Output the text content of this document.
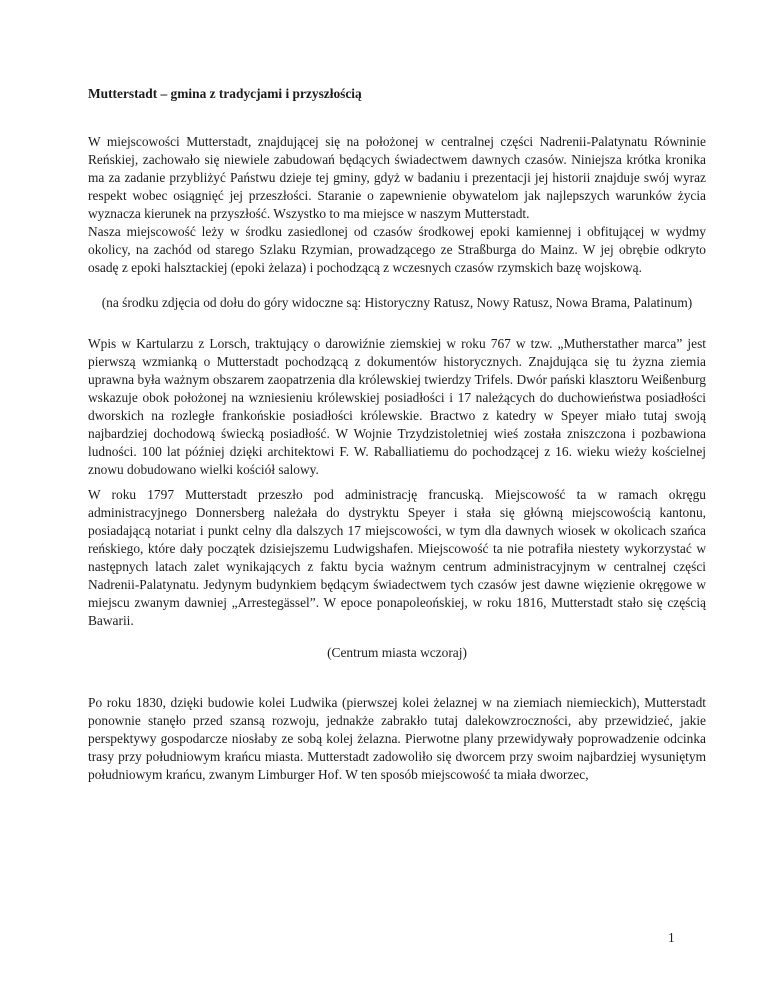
Mutterstadt – gmina z tradycjami i przyszłością

W miejscowości Mutterstadt, znajdującej się na położonej w centralnej części Nadrenii-Palatynatu Równinie Reńskiej, zachowało się niewiele zabudowań będących świadectwem dawnych czasów. Niniejsza krótka kronika ma za zadanie przybliżyć Państwu dzieje tej gminy, gdyż w badaniu i prezentacji jej historii znajduje swój wyraz respekt wobec osiągnięć jej przeszłości. Staranie o zapewnienie obywatelom jak najlepszych warunków życia wyznacza kierunek na przyszłość. Wszystko to ma miejsce w naszym Mutterstadt.

Nasza miejscowość leży w środku zasiedlonej od czasów środkowej epoki kamiennej i obfitującej w wydmy okolicy, na zachód od starego Szlaku Rzymian, prowadzącego ze Straßburga do Mainz. W jej obrębie odkryto osadę z epoki halsztackiej (epoki żelaza) i pochodzącą z wczesnych czasów rzymskich bazę wojskową.

(na środku zdjęcia od dołu do góry widoczne są: Historyczny Ratusz, Nowy Ratusz, Nowa Brama, Palatinum)

Wpis w Kartularzu z Lorsch, traktujący o darowiźnie ziemskiej w roku 767 w tzw. „Mutherstather marca” jest pierwszą wzmianką o Mutterstadt pochodzącą z dokumentów historycznych. Znajdująca się tu żyzna ziemia uprawna była ważnym obszarem zaopatrzenia dla królewskiej twierdzy Trifels. Dwór pański klasztoru Weißenburg wskazuje obok położonej na wzniesieniu królewskiej posiadłości i 17 należących do duchowieństwa posiadłości dworskich na rozległe frankońskie posiadłości królewskie. Bractwo z katedry w Speyer miało tutaj swoją najbardziej dochodową świecką posiadłość. W Wojnie Trzydzistoletniej wieś została zniszczona i pozbawiona ludności. 100 lat później dzięki architektowi F. W. Raballiatiemu do pochodzącej z 16. wieku wieży kościelnej znowu dobudowano wielki kościół salowy.

W roku 1797 Mutterstadt przeszło pod administrację francuską. Miejscowość ta w ramach okręgu administracyjnego Donnersberg należała do dystryktu Speyer i stała się główną miejscowością kantonu, posiadającą notariat i punkt celny dla dalszych 17 miejscowości, w tym dla dawnych wiosek w okolicach szańca reńskiego, które dały początek dzisiejszemu Ludwigshafen. Miejscowość ta nie potrafiła niestety wykorzystać w następnych latach zalet wynikających z faktu bycia ważnym centrum administracyjnym w centralnej części Nadrenii-Palatynatu. Jedynym budynkiem będącym świadectwem tych czasów jest dawne więzienie okręgowe w miejscu zwanym dawniej „Arrestegässel”. W epoce ponapoleońskiej, w roku 1816, Mutterstadt stało się częścią Bawarii.

(Centrum miasta wczoraj)

Po roku 1830, dzięki budowie kolei Ludwika (pierwszej kolei żelaznej w na ziemiach niemieckich), Mutterstadt ponownie stanęło przed szansą rozwoju, jednakże zabrakło tutaj dalekowzroczności, aby przewidzieć, jakie perspektywy gospodarcze niosłaby ze sobą kolej żelazna. Pierwotne plany przewidywały poprowadzenie odcinka trasy przy południowym krańcu miasta. Mutterstadt zadowoliło się dworcem przy swoim najbardziej wysuniętym południowym krańcu, zwanym Limburger Hof. W ten sposób miejscowość ta miała dworzec,

1
